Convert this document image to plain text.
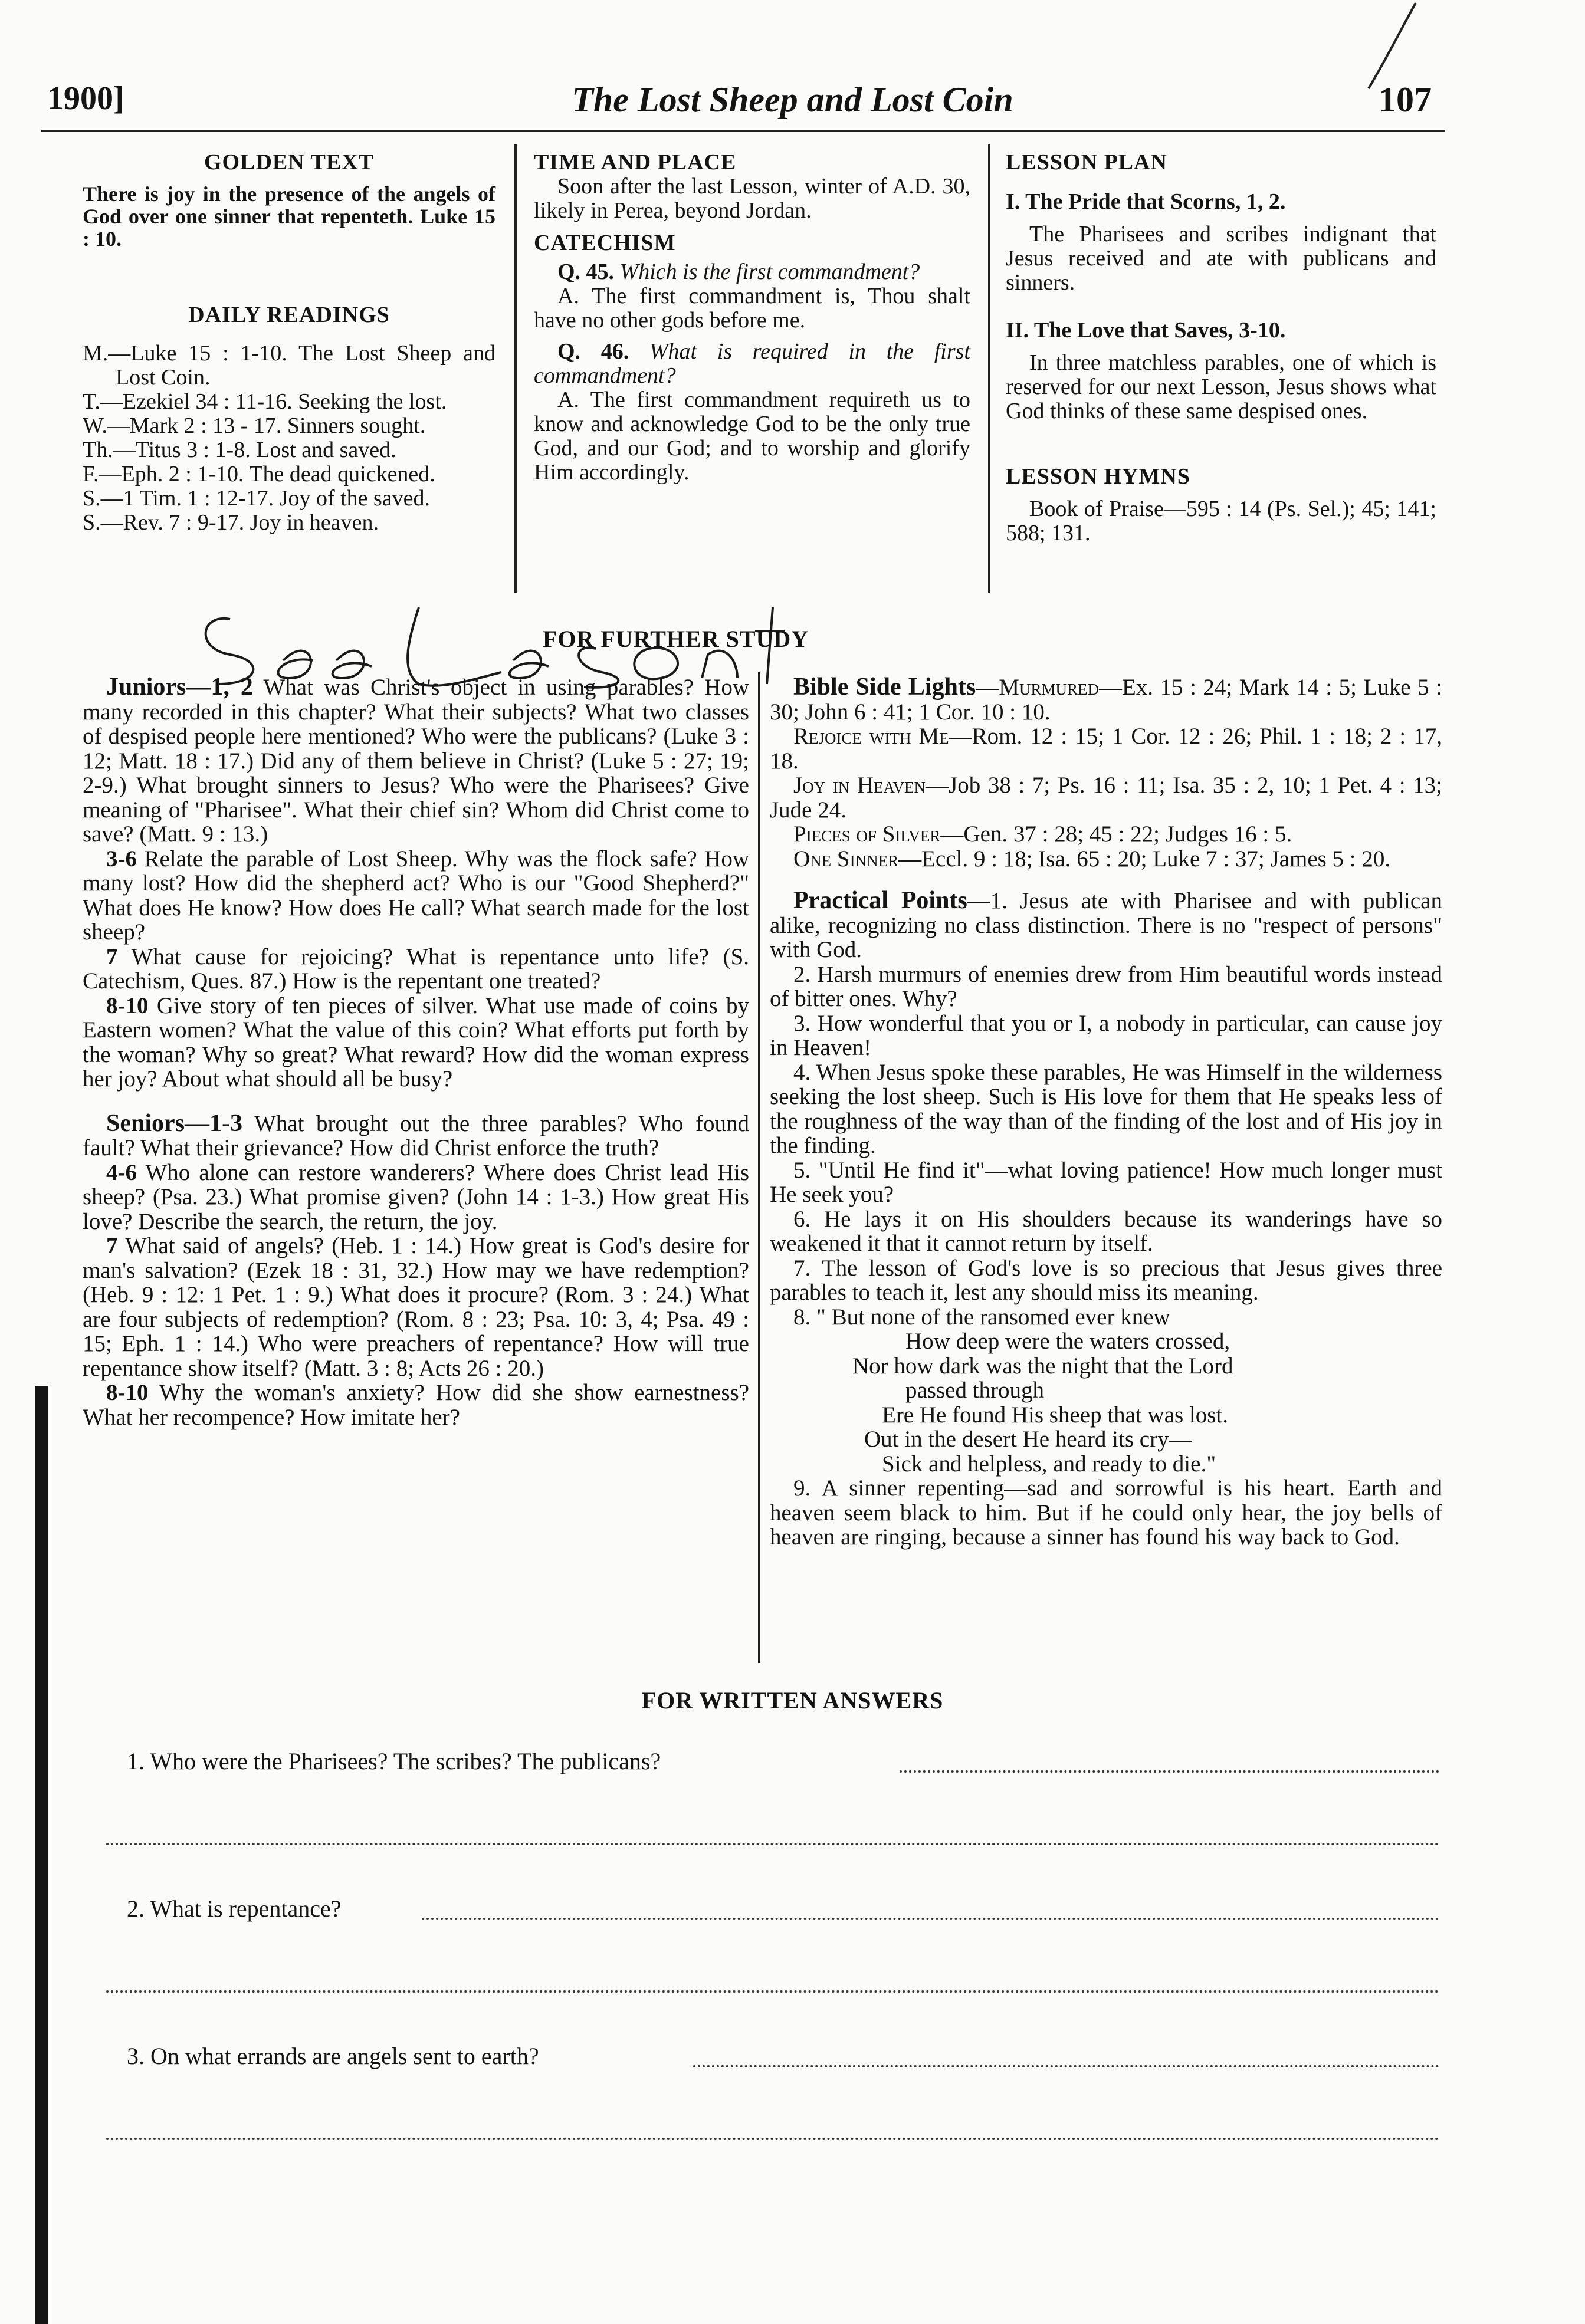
1900]	The Lost Sheep and Lost Coin	107
GOLDEN TEXT

There is joy in the presence of the angels of God over one sinner that repenteth. Luke 15 : 10.

DAILY READINGS

M.—Luke 15 : 1-10. The Lost Sheep and Lost Coin.

T.—Ezekiel 34 : 11-16. Seeking the lost.

W.—Mark 2 : 13 - 17. Sinners sought.

Th.—Titus 3 : 1-8. Lost and saved.

F.—Eph. 2 : 1-10. The dead quickened.

S.—1 Tim. 1 : 12-17. Joy of the saved.

S.—Rev. 7 : 9-17. Joy in heaven.

TIME AND PLACE

Soon after the last Lesson, winter of A.D. 30, likely in Perea, beyond Jordan.

CATECHISM

Q. 45. Which is the first commandment?

A. The first commandment is, Thou shalt have no other gods before me.

Q. 46. What is required in the first commandment?

A. The first commandment requireth us to know and acknowledge God to be the only true God, and our God; and to worship and glorify Him accordingly.

LESSON PLAN

I. The Pride that Scorns, 1, 2.

The Pharisees and scribes indignant that Jesus received and ate with publicans and sinners.

II. The Love that Saves, 3-10.

In three matchless parables, one of which is reserved for our next Lesson, Jesus shows what God thinks of these same despised ones.

LESSON HYMNS

Book of Praise—595 : 14 (Ps. Sel.); 45; 141; 588; 131.

FOR FURTHER STUDY

Juniors—1, 2 What was Christ's object in using parables? How many recorded in this chapter? What their subjects? What two classes of despised people here mentioned? Who were the publicans? (Luke 3 : 12; Matt. 18 : 17.) Did any of them believe in Christ? (Luke 5 : 27; 19; 2-9.) What brought sinners to Jesus? Who were the Pharisees? Give meaning of "Pharisee". What their chief sin? Whom did Christ come to save? (Matt. 9 : 13.)

3-6 Relate the parable of Lost Sheep. Why was the flock safe? How many lost? How did the shepherd act? Who is our "Good Shepherd?" What does He know? How does He call? What search made for the lost sheep?

7 What cause for rejoicing? What is repentance unto life? (S. Catechism, Ques. 87.) How is the repentant one treated?

8-10 Give story of ten pieces of silver. What use made of coins by Eastern women? What the value of this coin? What efforts put forth by the woman? Why so great? What reward? How did the woman express her joy? About what should all be busy?

Seniors—1-3 What brought out the three parables? Who found fault? What their grievance? How did Christ enforce the truth?

4-6 Who alone can restore wanderers? Where does Christ lead His sheep? (Psa. 23.) What promise given? (John 14 : 1-3.) How great His love? Describe the search, the return, the joy.

7 What said of angels? (Heb. 1 : 14.) How great is God's desire for man's salvation? (Ezek 18 : 31, 32.) How may we have redemption? (Heb. 9 : 12: 1 Pet. 1 : 9.) What does it procure? (Rom. 3 : 24.) What are four subjects of redemption? (Rom. 8 : 23; Psa. 10: 3, 4; Psa. 49 : 15; Eph. 1 : 14.) Who were preachers of repentance? How will true repentance show itself? (Matt. 3 : 8; Acts 26 : 20.)

8-10 Why the woman's anxiety? How did she show earnestness? What her recompence? How imitate her?

Bible Side Lights—Murmured—Ex. 15 : 24; Mark 14 : 5; Luke 5 : 30; John 6 : 41; 1 Cor. 10 : 10.

Rejoice with Me—Rom. 12 : 15; 1 Cor. 12 : 26; Phil. 1 : 18; 2 : 17, 18.

Joy in Heaven—Job 38 : 7; Ps. 16 : 11; Isa. 35 : 2, 10; 1 Pet. 4 : 13; Jude 24.

Pieces of Silver—Gen. 37 : 28; 45 : 22; Judges 16 : 5.

One Sinner—Eccl. 9 : 18; Isa. 65 : 20; Luke 7 : 37; James 5 : 20.

Practical Points—1. Jesus ate with Pharisee and with publican alike, recognizing no class distinction. There is no "respect of persons" with God.

2. Harsh murmurs of enemies drew from Him beautiful words instead of bitter ones. Why?

3. How wonderful that you or I, a nobody in particular, can cause joy in Heaven!

4. When Jesus spoke these parables, He was Himself in the wilderness seeking the lost sheep. Such is His love for them that He speaks less of the roughness of the way than of the finding of the lost and of His joy in the finding.

5. "Until He find it"—what loving patience! How much longer must He seek you?

6. He lays it on His shoulders because its wanderings have so weakened it that it cannot return by itself.

7. The lesson of God's love is so precious that Jesus gives three parables to teach it, lest any should miss its meaning.

8. " But none of the ransomed ever knew

How deep were the waters crossed,

Nor how dark was the night that the Lord

passed through

Ere He found His sheep that was lost.

Out in the desert He heard its cry—

Sick and helpless, and ready to die."

9. A sinner repenting—sad and sorrowful is his heart. Earth and heaven seem black to him. But if he could only hear, the joy bells of heaven are ringing, because a sinner has found his way back to God.

FOR WRITTEN ANSWERS
1. Who were the Pharisees? The scribes? The publicans?
2. What is repentance?
3. On what errands are angels sent to earth?
